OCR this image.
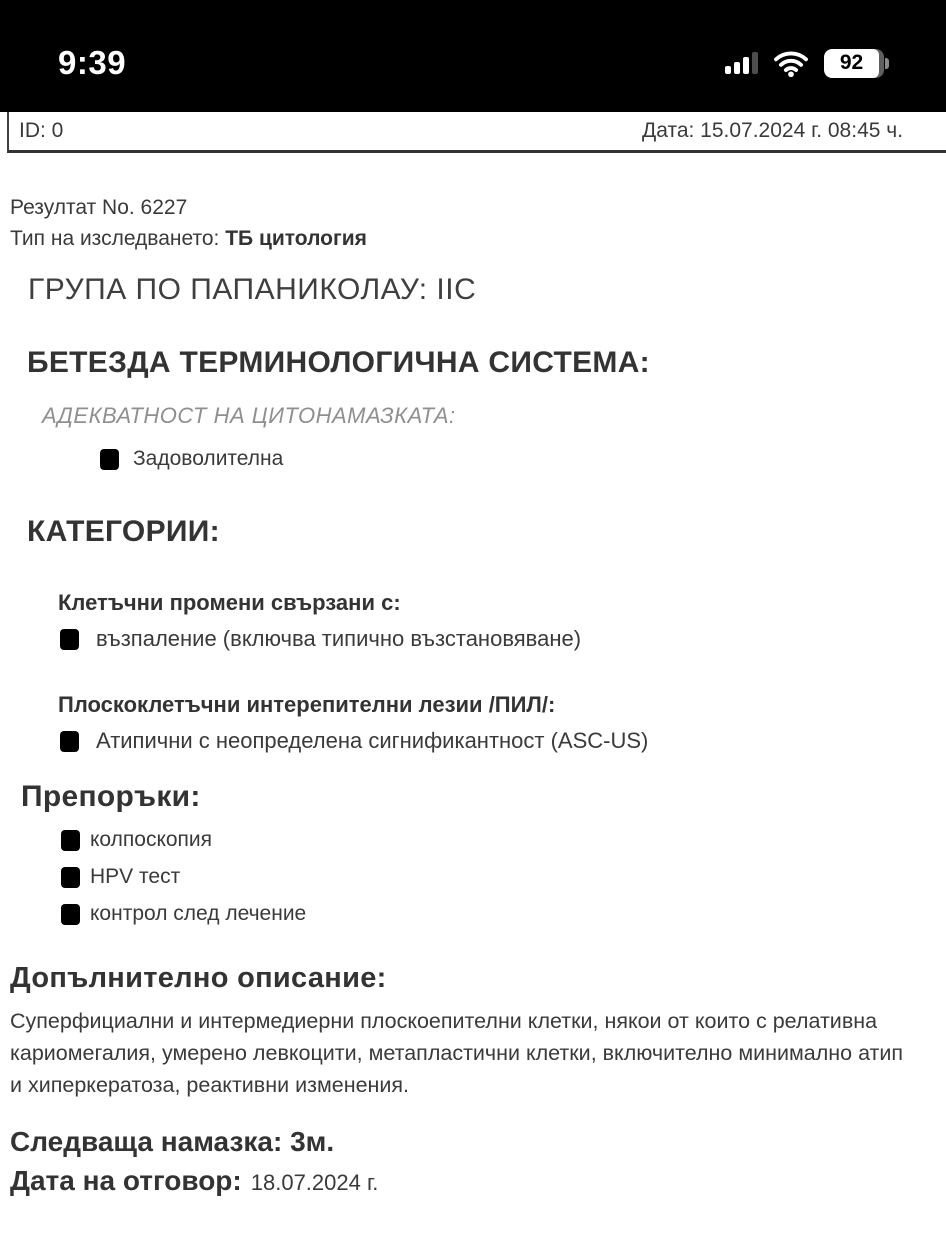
9:39	92
ID: 0	Дата: 15.07.2024 г. 08:45 ч.
Резултат No. 6227
Тип на изследването: ТБ цитология
ГРУПА ПО ПАПАНИКОЛАУ: IIC
БЕТЕЗДА ТЕРМИНОЛОГИЧНА СИСТЕМА:
АДЕКВАТНОСТ НА ЦИТОНАМАЗКАТА:
Задоволителна
КАТЕГОРИИ:
Клетъчни промени свързани с:
възпаление (включва типично възстановяване)
Плоскоклетъчни интерепителни лезии /ПИЛ/:
Атипични с неопределена сигнификантност (ASC-US)
Препоръки:
колпоскопия
HPV тест
контрол след лечение
Допълнително описание:
Суперфициални и интермедиерни плоскоепителни клетки, някои от които с релативна
кариомегалия, умерено левкоцити, метапластични клетки, включително минимално атип
и хиперкератоза, реактивни изменения.
Следваща намазка: 3м.
Дата на отговор: 18.07.2024 г.
